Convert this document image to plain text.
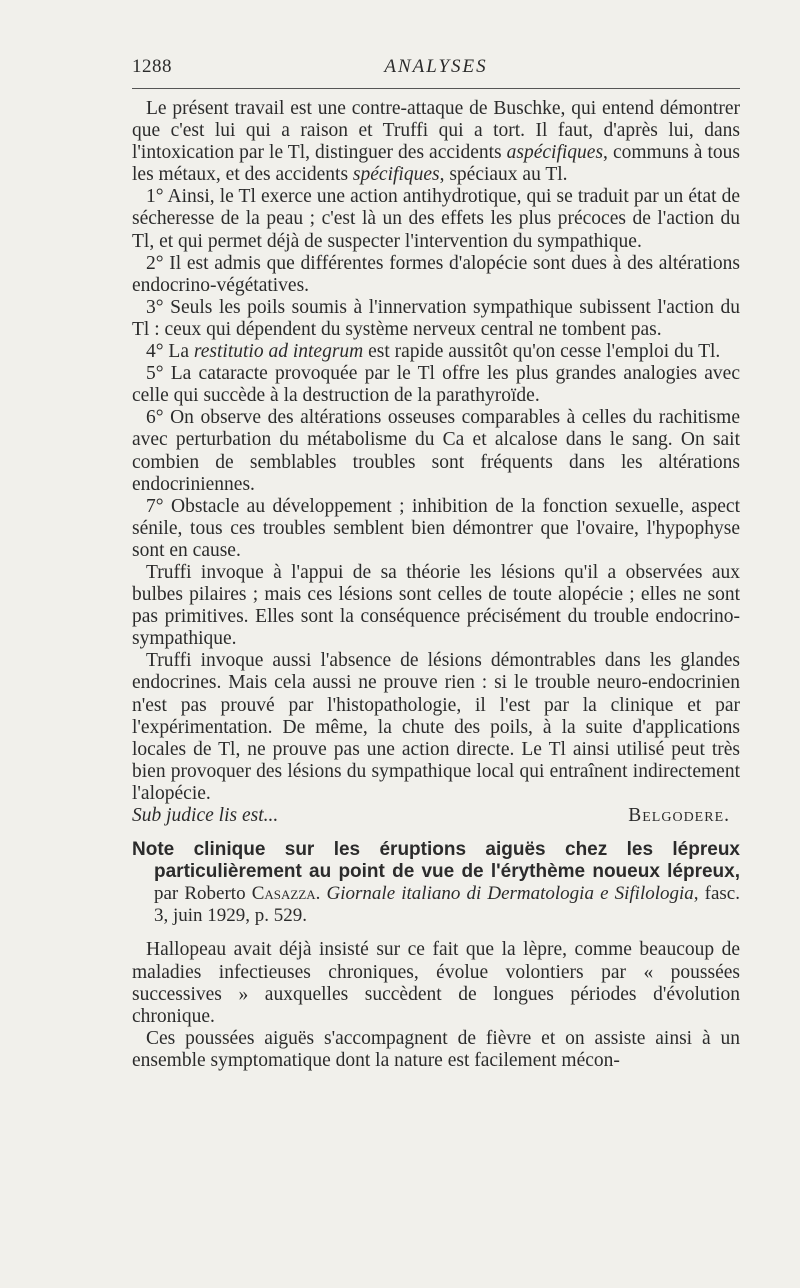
1288	ANALYSES

Le présent travail est une contre-attaque de Buschke, qui entend démontrer que c'est lui qui a raison et Truffi qui a tort. Il faut, d'après lui, dans l'intoxication par le Tl, distinguer des accidents aspécifiques, communs à tous les métaux, et des accidents spécifiques, spéciaux au Tl.

1° Ainsi, le Tl exerce une action antihydrotique, qui se traduit par un état de sécheresse de la peau ; c'est là un des effets les plus précoces de l'action du Tl, et qui permet déjà de suspecter l'intervention du sympathique.

2° Il est admis que différentes formes d'alopécie sont dues à des altérations endocrino-végétatives.

3° Seuls les poils soumis à l'innervation sympathique subissent l'action du Tl : ceux qui dépendent du système nerveux central ne tombent pas.

4° La restitutio ad integrum est rapide aussitôt qu'on cesse l'emploi du Tl.

5° La cataracte provoquée par le Tl offre les plus grandes analogies avec celle qui succède à la destruction de la parathyroïde.

6° On observe des altérations osseuses comparables à celles du rachitisme avec perturbation du métabolisme du Ca et alcalose dans le sang. On sait combien de semblables troubles sont fréquents dans les altérations endocriniennes.

7° Obstacle au développement ; inhibition de la fonction sexuelle, aspect sénile, tous ces troubles semblent bien démontrer que l'ovaire, l'hypophyse sont en cause.

Truffi invoque à l'appui de sa théorie les lésions qu'il a observées aux bulbes pilaires ; mais ces lésions sont celles de toute alopécie ; elles ne sont pas primitives. Elles sont la conséquence précisément du trouble endocrino-sympathique.

Truffi invoque aussi l'absence de lésions démontrables dans les glandes endocrines. Mais cela aussi ne prouve rien : si le trouble neuro-endocrinien n'est pas prouvé par l'histopathologie, il l'est par la clinique et par l'expérimentation. De même, la chute des poils, à la suite d'applications locales de Tl, ne prouve pas une action directe. Le Tl ainsi utilisé peut très bien provoquer des lésions du sympathique local qui entraînent indirectement l'alopécie.

Sub judice lis est...	Belgodere.

Note clinique sur les éruptions aiguës chez les lépreux particulièrement au point de vue de l'érythème noueux lépreux, par Roberto Casazza. Giornale italiano di Dermatologia e Sifilologia, fasc. 3, juin 1929, p. 529.

Hallopeau avait déjà insisté sur ce fait que la lèpre, comme beaucoup de maladies infectieuses chroniques, évolue volontiers par « poussées successives » auxquelles succèdent de longues périodes d'évolution chronique.

Ces poussées aiguës s'accompagnent de fièvre et on assiste ainsi à un ensemble symptomatique dont la nature est facilement mécon-
